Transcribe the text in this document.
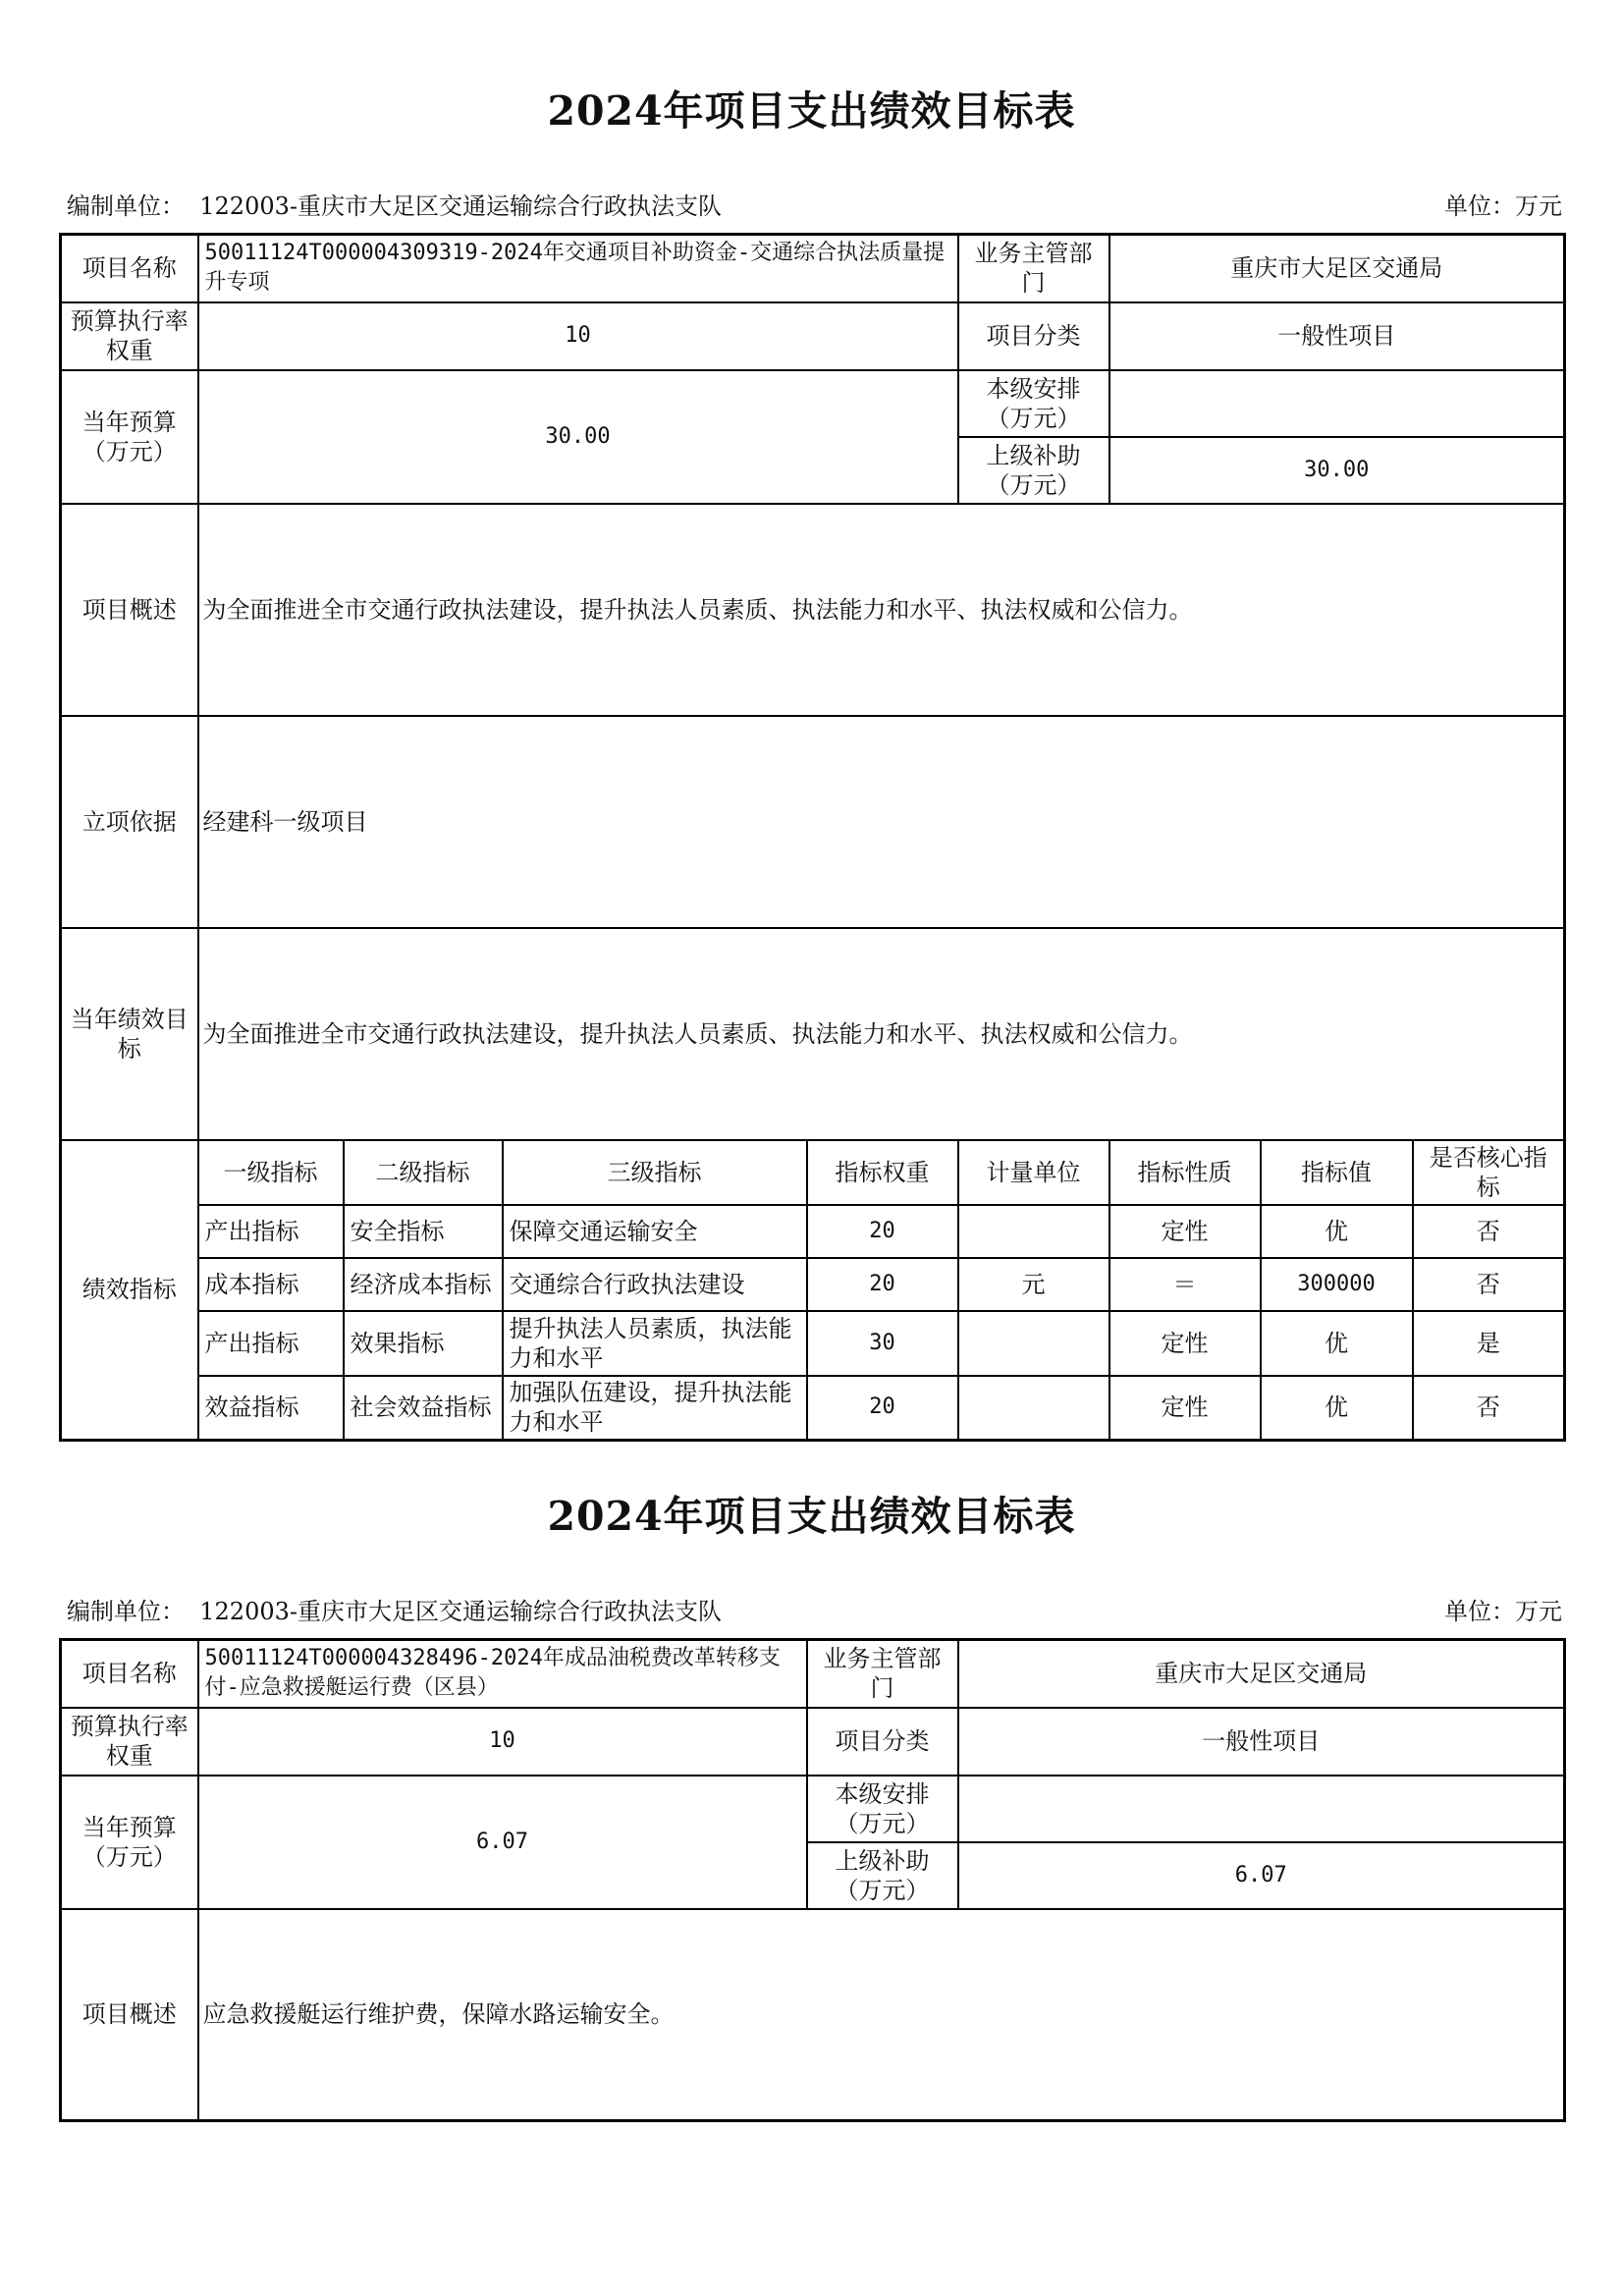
2024年项目支出绩效目标表
编制单位： 122003-重庆市大足区交通运输综合行政执法支队	单位：万元
项目名称	50011124T000004309319-2024年交通项目补助资金-交通综合执法质量提升专项				业务主管部门	重庆市大足区交通局		
预算执行率权重	10				项目分类	一般性项目		
当年预算（万元）	30.00				本级安排（万元）			
					上级补助（万元）	30.00		
项目概述	为全面推进全市交通行政执法建设，提升执法人员素质、执法能力和水平、执法权威和公信力。							
立项依据	经建科一级项目							
当年绩效目标	为全面推进全市交通行政执法建设，提升执法人员素质、执法能力和水平、执法权威和公信力。							
绩效指标	一级指标	二级指标	三级指标	指标权重	计量单位	指标性质	指标值	是否核心指标
	产出指标	安全指标	保障交通运输安全	20		定性	优	否
	成本指标	经济成本指标	交通综合行政执法建设	20	元	＝	300000	否
	产出指标	效果指标	提升执法人员素质，执法能力和水平	30		定性	优	是
	效益指标	社会效益指标	加强队伍建设，提升执法能力和水平	20		定性	优	否
2024年项目支出绩效目标表
编制单位： 122003-重庆市大足区交通运输综合行政执法支队	单位：万元
项目名称	50011124T000004328496-2024年成品油税费改革转移支付-应急救援艇运行费（区县）	业务主管部门	重庆市大足区交通局
预算执行率权重	10	项目分类	一般性项目
当年预算（万元）	6.07	本级安排（万元）	
		上级补助（万元）	6.07
项目概述	应急救援艇运行维护费，保障水路运输安全。		
